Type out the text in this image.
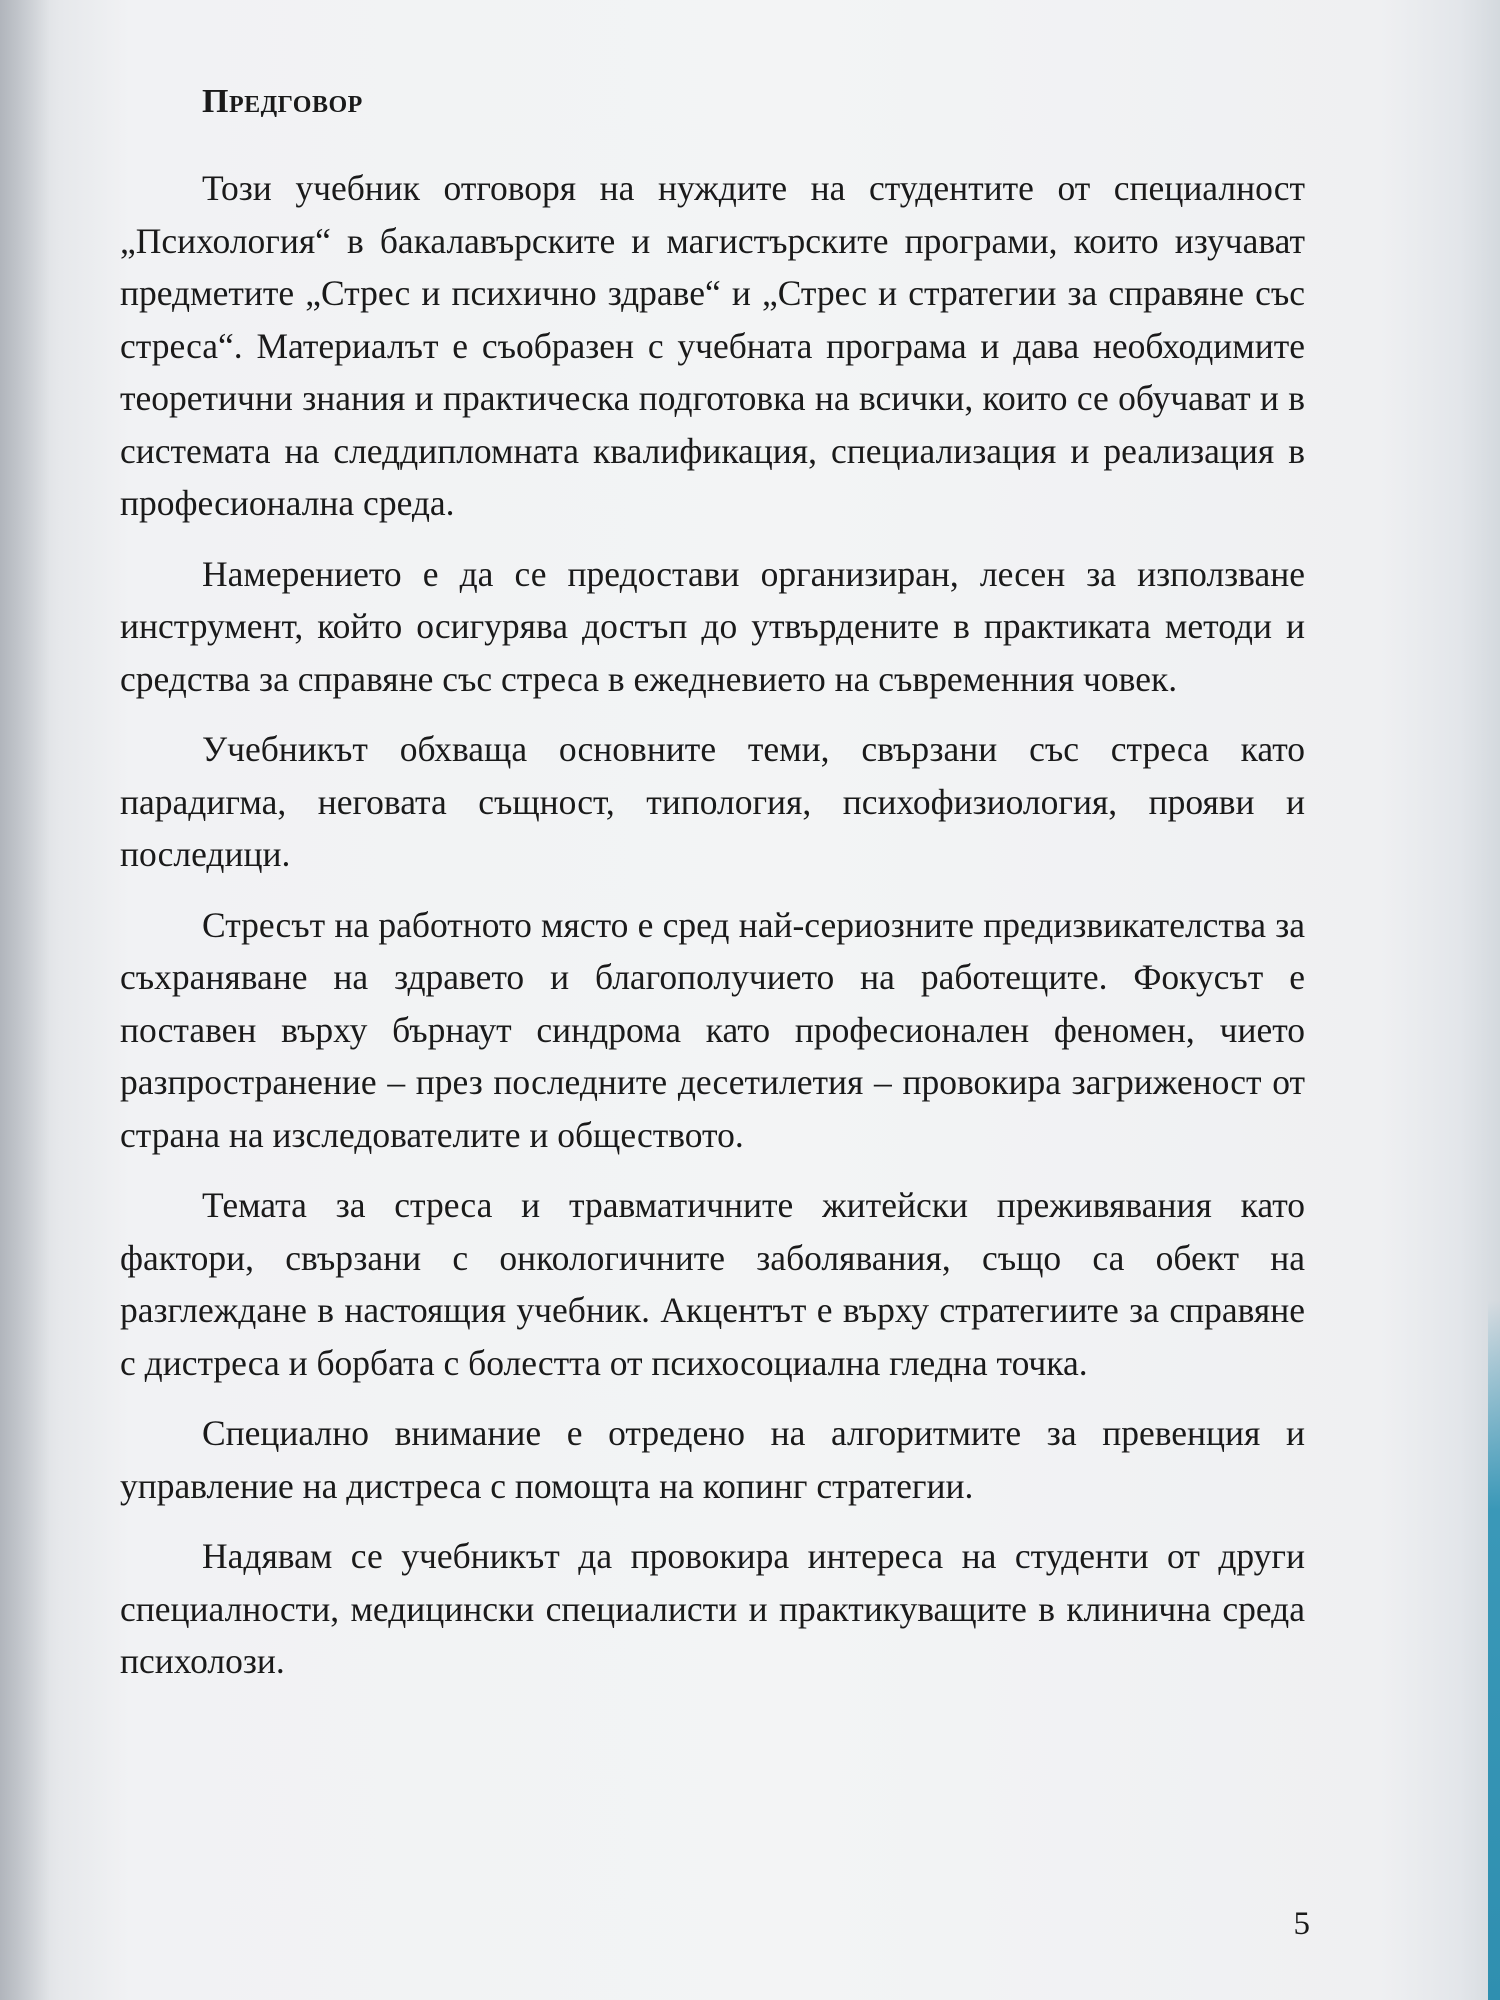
Предговор

Този учебник отговоря на нуждите на студентите от специалност „Психология“ в бакалавърските и магистърските програми, които изучават предметите „Стрес и психично здраве“ и „Стрес и стратегии за справяне със стреса“. Материалът е съобразен с учебната програма и дава необходимите теоретични знания и практическа подготовка на всички, които се обучават и в системата на следдипломната квалификация, специализация и реализация в професионална среда.

Намерението е да се предостави организиран, лесен за използване инструмент, който осигурява достъп до утвърдените в практиката методи и средства за справяне със стреса в ежедневието на съвременния човек.

Учебникът обхваща основните теми, свързани със стреса като парадигма, неговата същност, типология, психофизиология, прояви и последици.

Стресът на работното място е сред най-сериозните предизвикателства за съхраняване на здравето и благополучието на работещите. Фокусът е поставен върху бърнаут синдрома като професионален феномен, чието разпространение – през последните десетилетия – провокира загриженост от страна на изследователите и обществото.

Темата за стреса и травматичните житейски преживявания като фактори, свързани с онкологичните заболявания, също са обект на разглеждане в настоящия учебник. Акцентът е върху стратегиите за справяне с дистреса и борбата с болестта от психосоциална гледна точка.

Специално внимание е отредено на алгоритмите за превенция и управление на дистреса с помощта на копинг стратегии.

Надявам се учебникът да провокира интереса на студенти от други специалности, медицински специалисти и практикуващите в клинична среда психолози.

5
